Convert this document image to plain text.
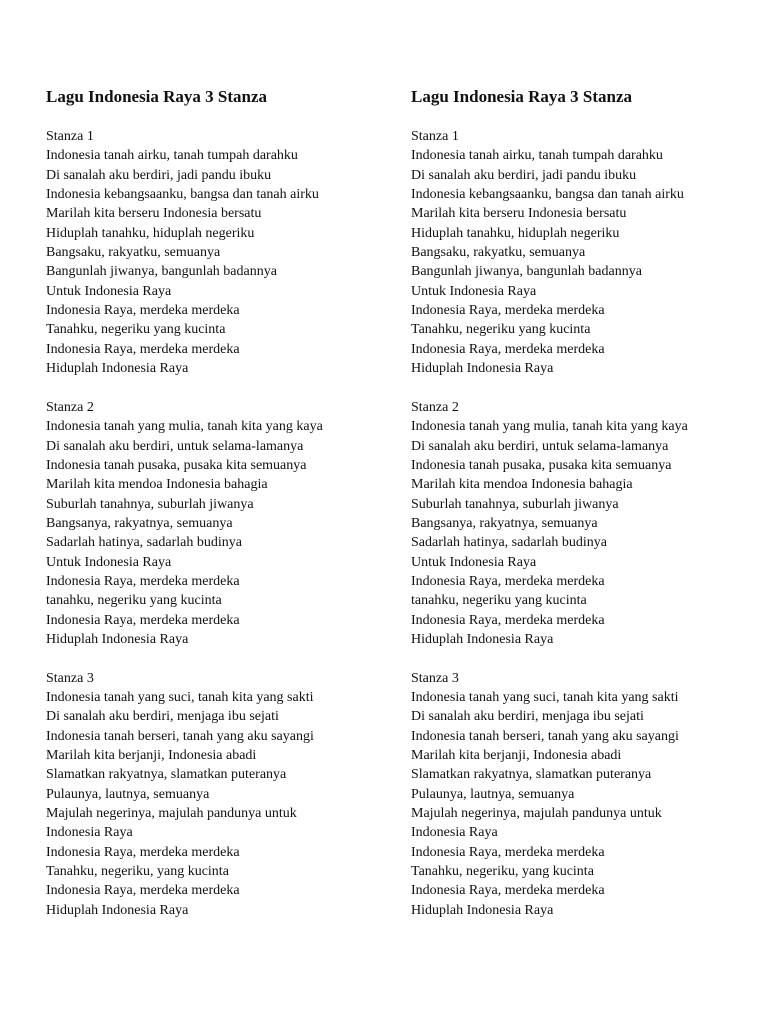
Lagu Indonesia Raya 3 Stanza
Stanza 1
Indonesia tanah airku, tanah tumpah darahku
Di sanalah aku berdiri, jadi pandu ibuku
Indonesia kebangsaanku, bangsa dan tanah airku
Marilah kita berseru Indonesia bersatu
Hiduplah tanahku, hiduplah negeriku
Bangsaku, rakyatku, semuanya
Bangunlah jiwanya, bangunlah badannya
Untuk Indonesia Raya
Indonesia Raya, merdeka merdeka
Tanahku, negeriku yang kucinta
Indonesia Raya, merdeka merdeka
Hiduplah Indonesia Raya
Stanza 2
Indonesia tanah yang mulia, tanah kita yang kaya
Di sanalah aku berdiri, untuk selama-lamanya
Indonesia tanah pusaka, pusaka kita semuanya
Marilah kita mendoa Indonesia bahagia
Suburlah tanahnya, suburlah jiwanya
Bangsanya, rakyatnya, semuanya
Sadarlah hatinya, sadarlah budinya
Untuk Indonesia Raya
Indonesia Raya, merdeka merdeka
tanahku, negeriku yang kucinta
Indonesia Raya, merdeka merdeka
Hiduplah Indonesia Raya
Stanza 3
Indonesia tanah yang suci, tanah kita yang sakti
Di sanalah aku berdiri, menjaga ibu sejati
Indonesia tanah berseri, tanah yang aku sayangi
Marilah kita berjanji, Indonesia abadi
Slamatkan rakyatnya, slamatkan puteranya
Pulaunya, lautnya, semuanya
Majulah negerinya, majulah pandunya untuk
Indonesia Raya
Indonesia Raya, merdeka merdeka
Tanahku, negeriku, yang kucinta
Indonesia Raya, merdeka merdeka
Hiduplah Indonesia Raya
Lagu Indonesia Raya 3 Stanza
Stanza 1
Indonesia tanah airku, tanah tumpah darahku
Di sanalah aku berdiri, jadi pandu ibuku
Indonesia kebangsaanku, bangsa dan tanah airku
Marilah kita berseru Indonesia bersatu
Hiduplah tanahku, hiduplah negeriku
Bangsaku, rakyatku, semuanya
Bangunlah jiwanya, bangunlah badannya
Untuk Indonesia Raya
Indonesia Raya, merdeka merdeka
Tanahku, negeriku yang kucinta
Indonesia Raya, merdeka merdeka
Hiduplah Indonesia Raya
Stanza 2
Indonesia tanah yang mulia, tanah kita yang kaya
Di sanalah aku berdiri, untuk selama-lamanya
Indonesia tanah pusaka, pusaka kita semuanya
Marilah kita mendoa Indonesia bahagia
Suburlah tanahnya, suburlah jiwanya
Bangsanya, rakyatnya, semuanya
Sadarlah hatinya, sadarlah budinya
Untuk Indonesia Raya
Indonesia Raya, merdeka merdeka
tanahku, negeriku yang kucinta
Indonesia Raya, merdeka merdeka
Hiduplah Indonesia Raya
Stanza 3
Indonesia tanah yang suci, tanah kita yang sakti
Di sanalah aku berdiri, menjaga ibu sejati
Indonesia tanah berseri, tanah yang aku sayangi
Marilah kita berjanji, Indonesia abadi
Slamatkan rakyatnya, slamatkan puteranya
Pulaunya, lautnya, semuanya
Majulah negerinya, majulah pandunya untuk
Indonesia Raya
Indonesia Raya, merdeka merdeka
Tanahku, negeriku, yang kucinta
Indonesia Raya, merdeka merdeka
Hiduplah Indonesia Raya
